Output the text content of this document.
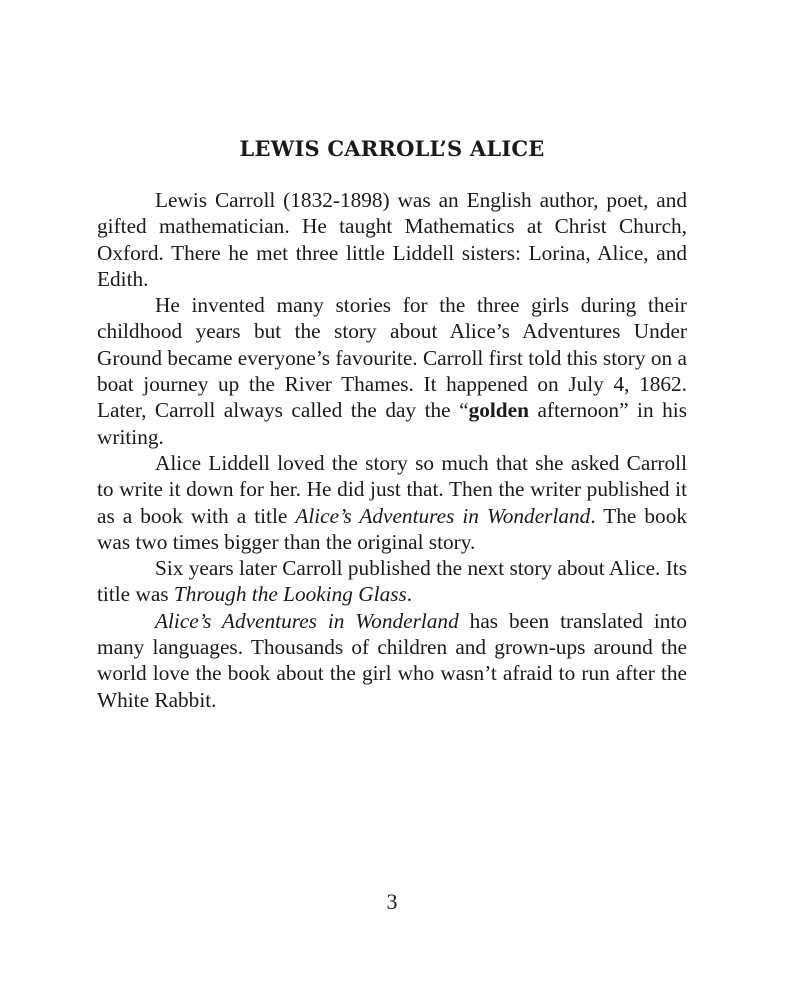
LEWIS CARROLL’S ALICE

Lewis Carroll (1832-1898) was an English author, poet, and gifted mathematician. He taught Mathematics at Christ Church, Oxford. There he met three little Liddell sisters: Lorina, Alice, and Edith.

He invented many stories for the three girls during their childhood years but the story about Alice’s Adventures Under Ground became everyone’s favourite. Carroll first told this story on a boat journey up the River Thames. It happened on July 4, 1862. Later, Carroll always called the day the “golden afternoon” in his writing.

Alice Liddell loved the story so much that she asked Carroll to write it down for her. He did just that. Then the writer published it as a book with a title Alice’s Adventures in Wonderland. The book was two times bigger than the original story.

Six years later Carroll published the next story about Alice. Its title was Through the Looking Glass.

Alice’s Adventures in Wonderland has been translated into many languages. Thousands of children and grown-ups around the world love the book about the girl who wasn’t afraid to run after the White Rabbit.

3
